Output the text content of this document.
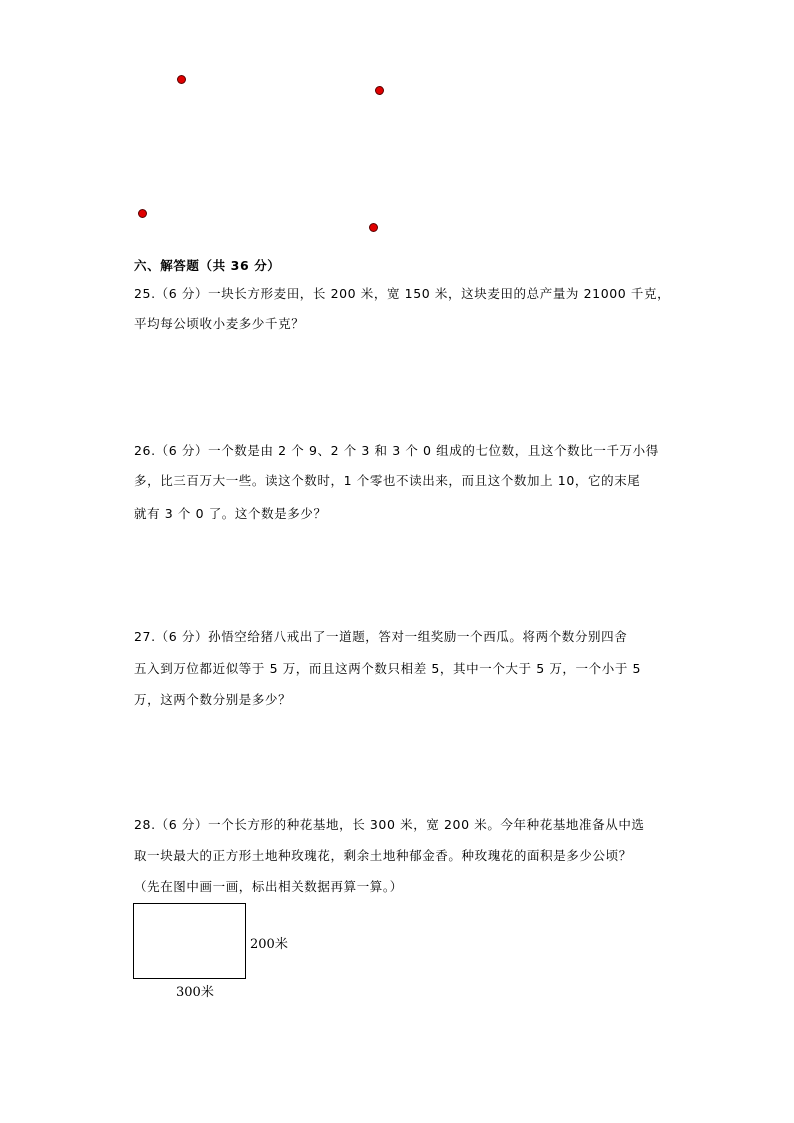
六、解答题（共 36 分）
25.（6 分）一块长方形麦田，长 200 米，宽 150 米，这块麦田的总产量为 21000 千克，
平均每公顷收小麦多少千克？
26.（6 分）一个数是由 2 个 9、2 个 3 和 3 个 0 组成的七位数，且这个数比一千万小得
多，比三百万大一些。读这个数时，1 个零也不读出来，而且这个数加上 10，它的末尾
就有 3 个 0 了。这个数是多少？
27.（6 分）孙悟空给猪八戒出了一道题，答对一组奖励一个西瓜。将两个数分别四舍
五入到万位都近似等于 5 万，而且这两个数只相差 5，其中一个大于 5 万，一个小于 5
万，这两个数分别是多少？
28.（6 分）一个长方形的种花基地，长 300 米，宽 200 米。今年种花基地准备从中选
取一块最大的正方形土地种玫瑰花，剩余土地种郁金香。种玫瑰花的面积是多少公顷？
（先在图中画一画，标出相关数据再算一算。）
200米
300米
